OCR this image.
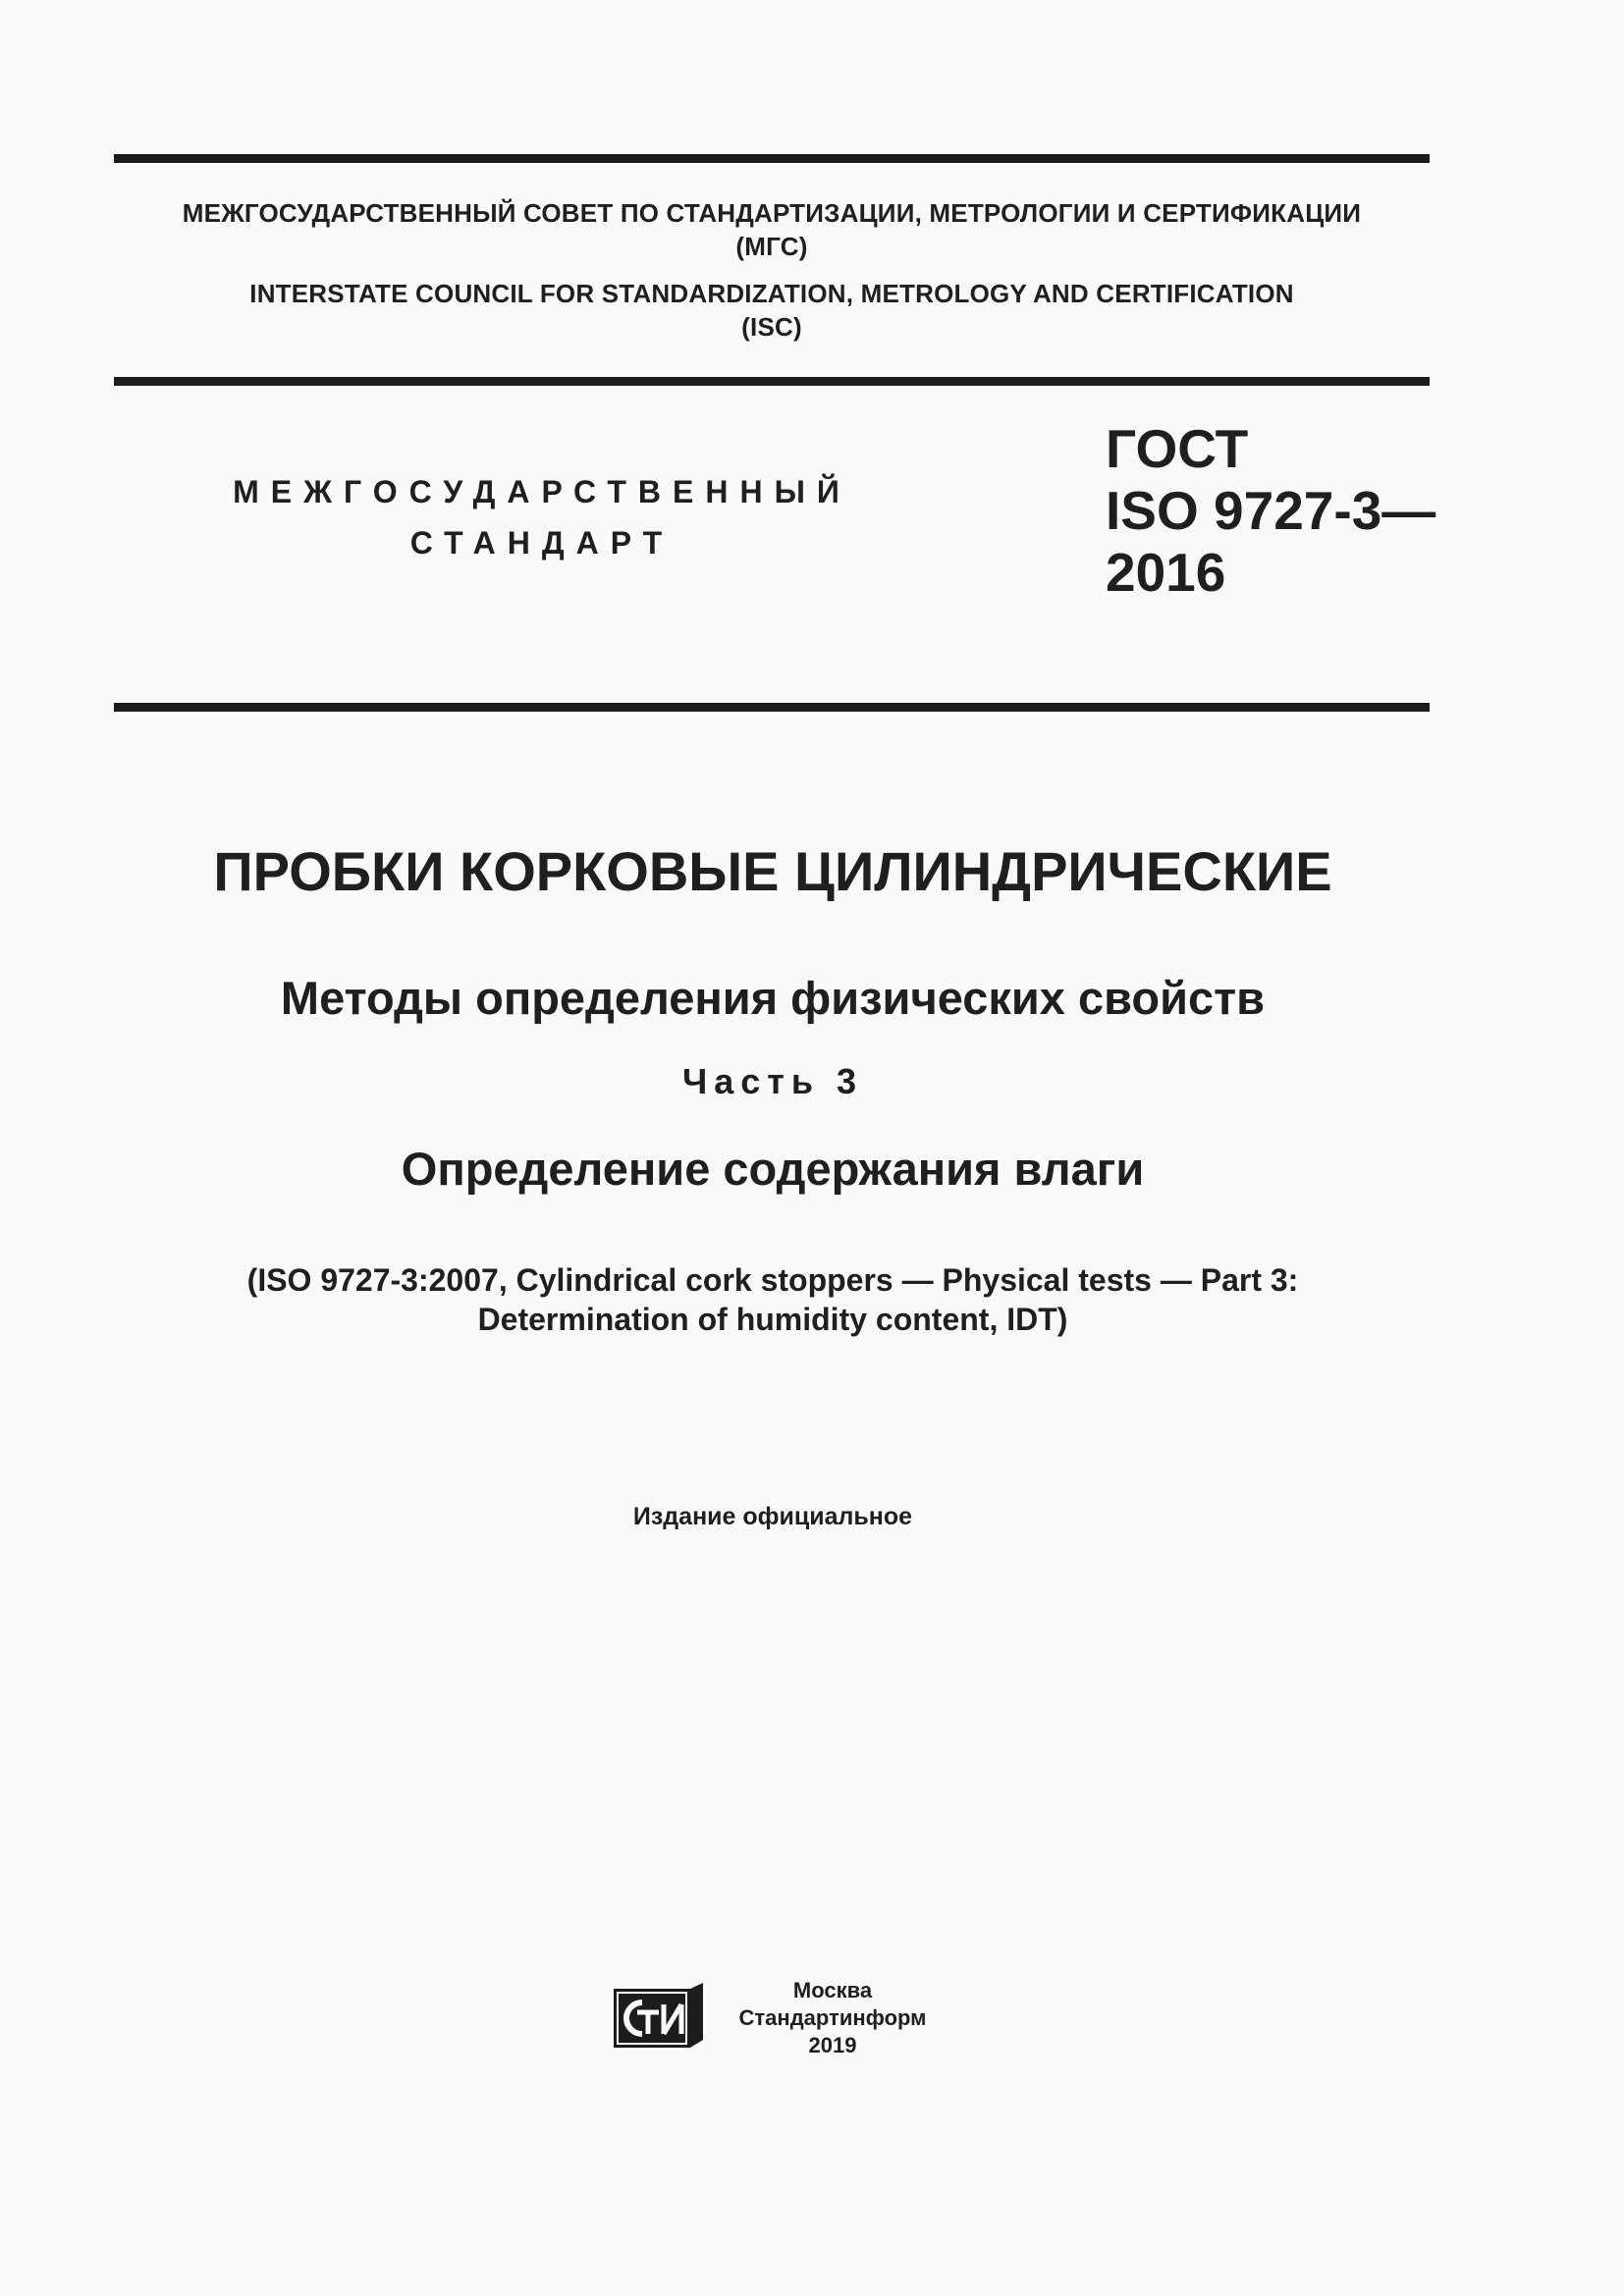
МЕЖГОСУДАРСТВЕННЫЙ СОВЕТ ПО СТАНДАРТИЗАЦИИ, МЕТРОЛОГИИ И СЕРТИФИКАЦИИ
(МГС)
INTERSTATE COUNCIL FOR STANDARDIZATION, METROLOGY AND CERTIFICATION
(ISC)
МЕЖГОСУДАРСТВЕННЫЙ
СТАНДАРТ
ГОСТ
ISO 9727-3—
2016
ПРОБКИ КОРКОВЫЕ ЦИЛИНДРИЧЕСКИЕ
Методы определения физических свойств
Часть 3
Определение содержания влаги
(ISO 9727-3:2007, Cylindrical cork stoppers — Physical tests — Part 3:
Determination of humidity content, IDT)
Издание официальное
Москва
Стандартинформ
2019
